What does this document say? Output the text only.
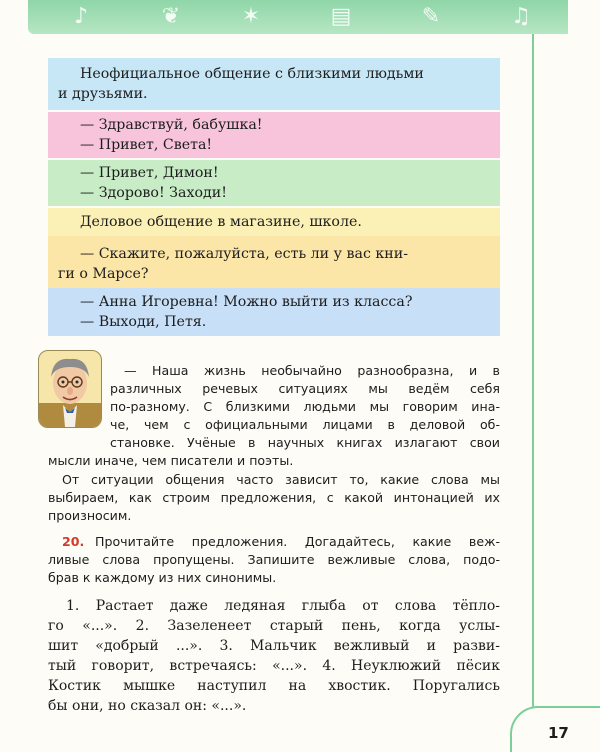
♪	❦	✶	▤	✎	♫
Неофициальное общение с близкими людьми
и друзьями.
— Здравствуй, бабушка!
— Привет, Света!
— Привет, Димон!
— Здорово! Заходи!
Деловое общение в магазине, школе.
— Скажите, пожалуйста, есть ли у вас кни-
ги о Марсе?
— Анна Игоревна! Можно выйти из класса?
— Выходи, Петя.
— Наша жизнь необычайно разнообразна, и в
различных речевых ситуациях мы ведём себя
по-разному. С близкими людьми мы говорим ина-
че, чем с официальными лицами в деловой об-
становке. Учёные в научных книгах излагают свои
мысли иначе, чем писатели и поэты.
От ситуации общения часто зависит то, какие слова мы
выбираем, как строим предложения, с какой интонацией их
произносим.
20. Прочитайте предложения. Догадайтесь, какие веж-
ливые слова пропущены. Запишите вежливые слова, подо-
брав к каждому из них синонимы.
1. Растает даже ледяная глыба от слова тёпло-
го «...». 2. Зазеленеет старый пень, когда услы-
шит «добрый ...». 3. Мальчик вежливый и разви-
тый говорит, встречаясь: «...». 4. Неуклюжий пёсик
Костик мышке наступил на хвостик. Поругались
бы они, но сказал он: «...».
17
